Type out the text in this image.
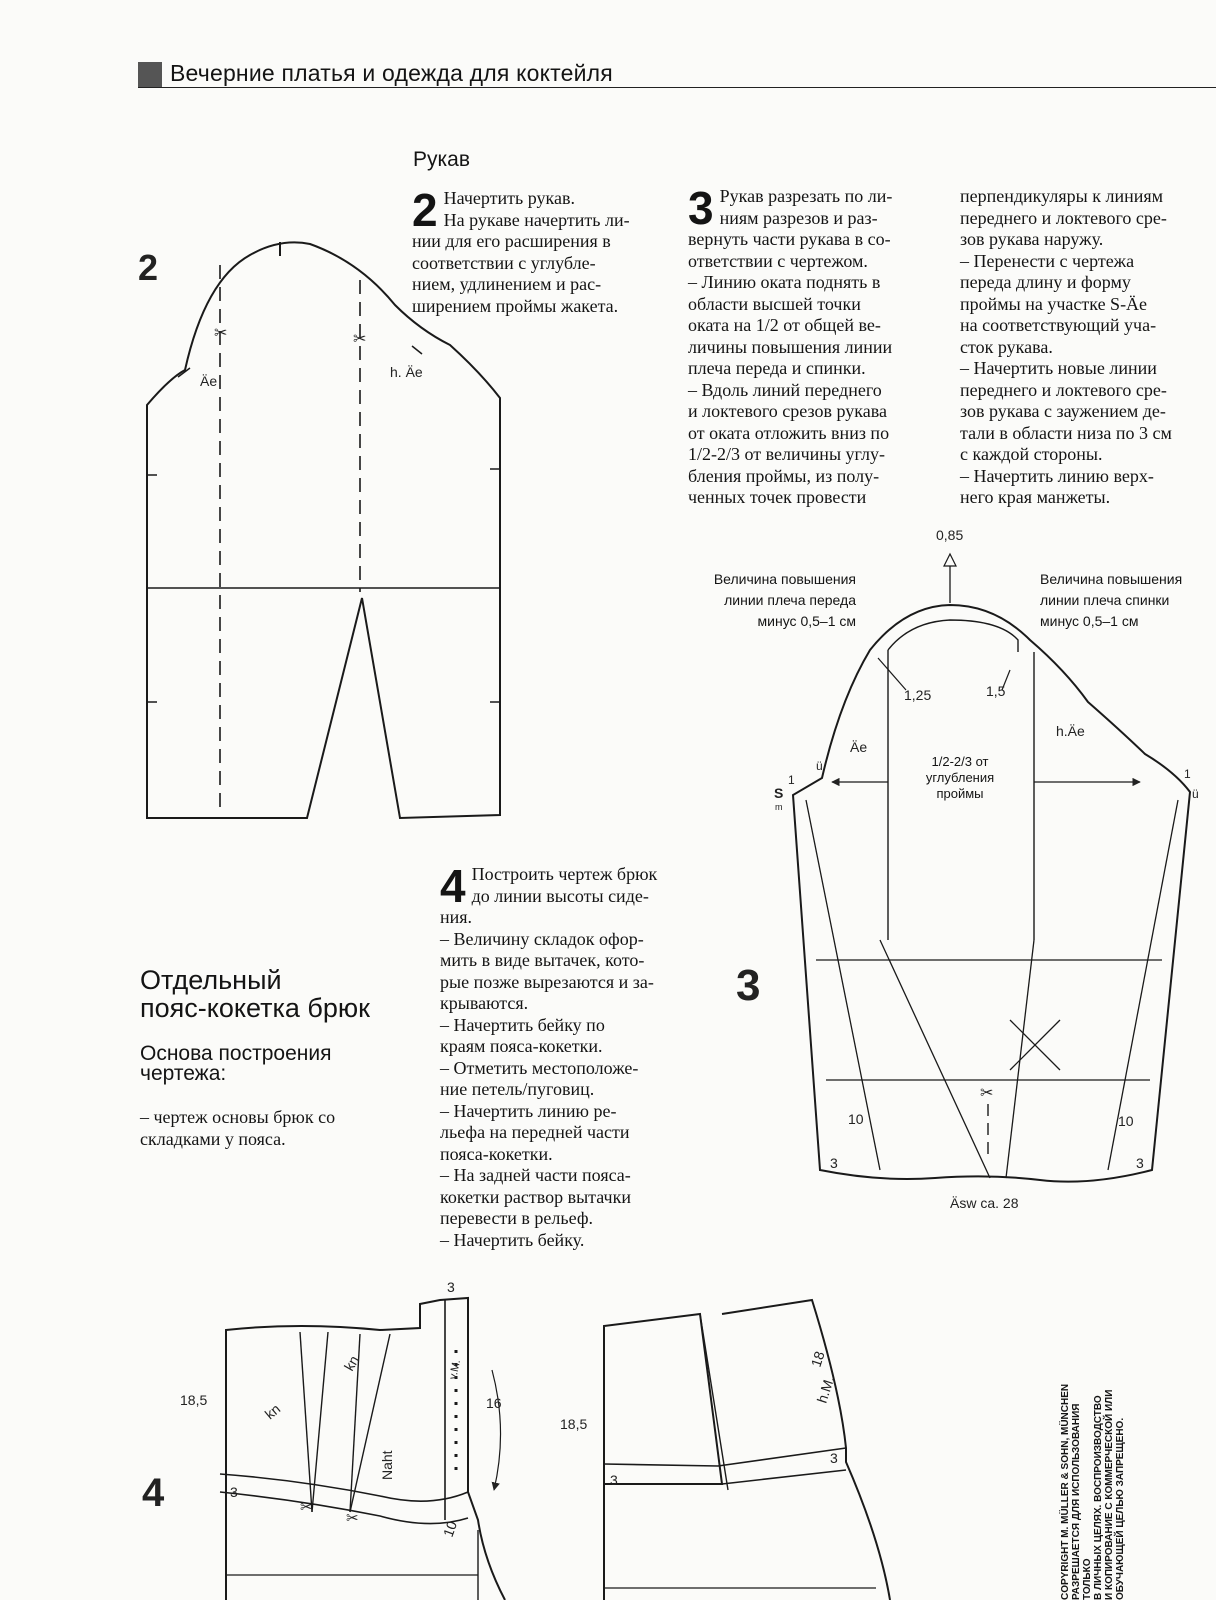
Вечерние платья и одежда для коктейля
Рукав
2 Начертить рукав.

На рукаве начертить ли-

нии для его расширения в

соответствии с углубле-

нием, удлинением и рас-

ширением проймы жакета.

3 Рукав разрезать по ли-

ниям разрезов и раз-

вернуть части рукава в со-

ответствии с чертежом.

– Линию оката поднять в

области высшей точки

оката на 1/2 от общей ве-

личины повышения линии

плеча переда и спинки.

– Вдоль линий переднего

и локтевого срезов рукава

от оката отложить вниз по

1/2-2/3 от величины углу-

бления проймы, из полу-

ченных точек провести

перпендикуляры к линиям

переднего и локтевого сре-

зов рукава наружу.

– Перенести с чертежа

переда длину и форму

проймы на участке S-Äe

на соответствующий уча-

сток рукава.

– Начертить новые линии

переднего и локтевого сре-

зов рукава с заужением де-

тали в области низа по 3 см

с каждой стороны.

– Начертить линию верх-

него края манжеты.

Отдельный
пояс-кокетка брюк
Основа построения
чертежа:
– чертеж основы брюк со
складками у пояса.
4 Построить чертеж брюк

до линии высоты сиде-

ния.

– Величину складок офор-

мить в виде вытачек, кото-

рые позже вырезаются и за-

крываются.

– Начертить бейку по

краям пояса-кокетки.

– Отметить местоположе-

ние петель/пуговиц.

– Начертить линию ре-

льефа на передней части

пояса-кокетки.

– На задней части пояса-

кокетки раствор вытачки

перевести в рельеф.

– Начертить бейку.

Величина повышения
линии плеча переда
минус 0,5–1 см
Величина повышения
линии плеча спинки
минус 0,5–1 см
1/2-2/3 от
углубления
проймы
COPYRIGHT M. MÜLLER & SOHN, MÜNCHEN РАЗРЕШАЕТСЯ ДЛЯ ИСПОЛЬЗОВАНИЯ ТОЛЬКО В ЛИЧНЫХ ЦЕЛЯХ. ВОСПРОИЗВОДСТВО И КОПИРОВАНИЕ С КОММЕРЧЕСКОЙ ИЛИ ОБУЧАЮЩЕЙ ЦЕЛЬЮ ЗАПРЕЩЕНО.
2
✂	✂
Äe
h. Äe
3
0,85
1,25	1,5
Äe
h.Äe
1
ü
1
ü
S
m
10	10
3	3
✂
Äsw ca. 28
4
18,5
3
16
3
kn
kn
Naht
v.M.
10
✂
✂
18,5
3
3
h.M.
18
